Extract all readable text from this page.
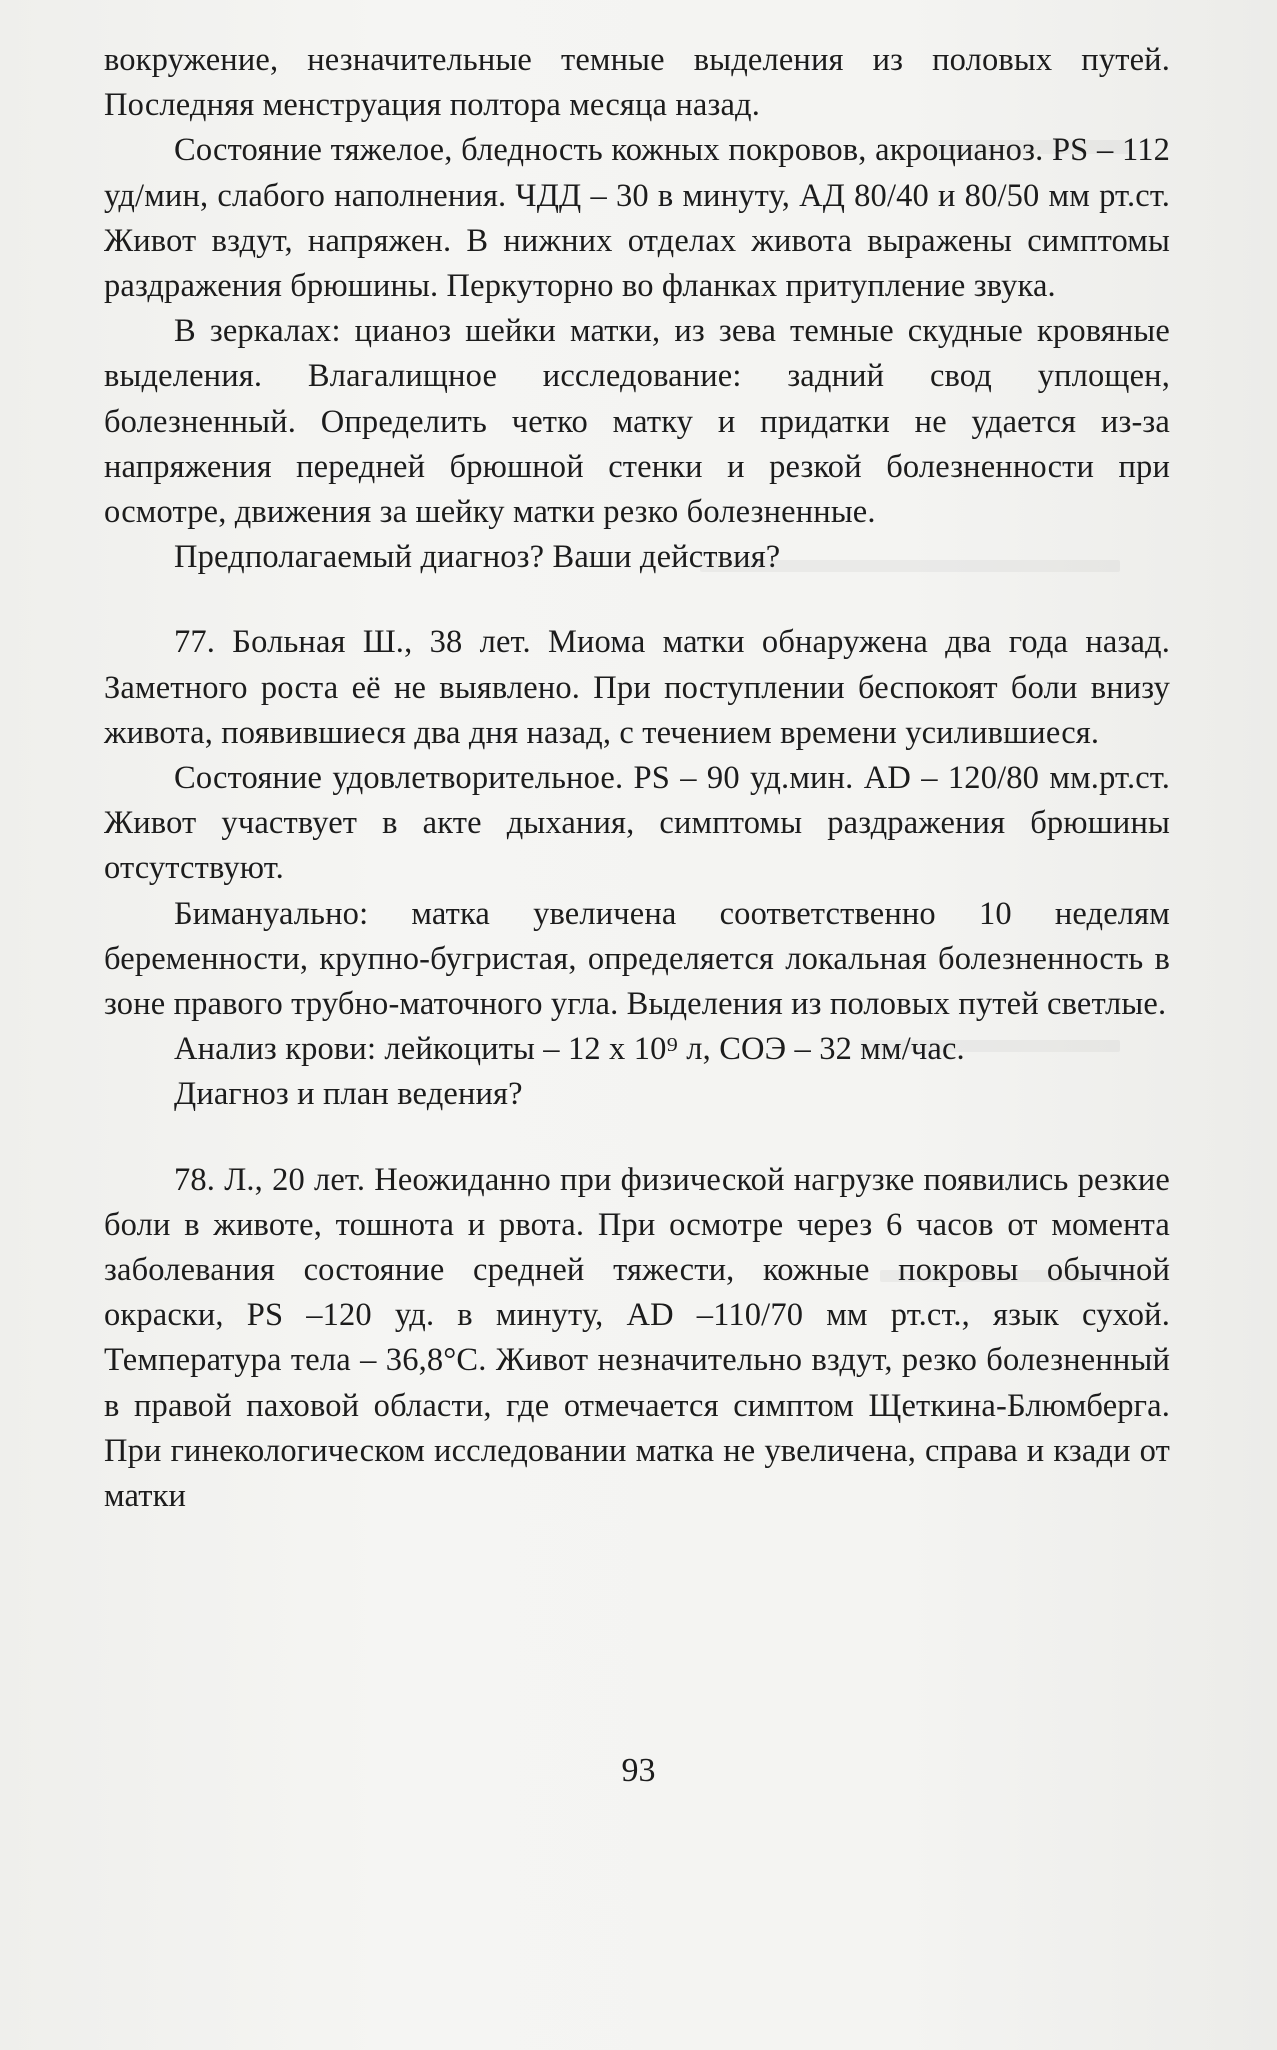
вокружение, незначительные темные выделения из половых путей. Последняя менструация полтора месяца назад.

Состояние тяжелое, бледность кожных покровов, акроцианоз. PS – 112 уд/мин, слабого наполнения. ЧДД – 30 в минуту, АД 80/40 и 80/50 мм рт.ст. Живот вздут, напряжен. В нижних отделах живота выражены симптомы раздражения брюшины. Перкуторно во фланках притупление звука.

В зеркалах: цианоз шейки матки, из зева темные скудные кровяные выделения. Влагалищное исследование: задний свод уплощен, болезненный. Определить четко матку и придатки не удается из-за напряжения передней брюшной стенки и резкой болезненности при осмотре, движения за шейку матки резко болезненные.

Предполагаемый диагноз? Ваши действия?

77. Больная Ш., 38 лет. Миома матки обнаружена два года назад. Заметного роста её не выявлено. При поступлении беспокоят боли внизу живота, появившиеся два дня назад, с течением времени усилившиеся.

Состояние удовлетворительное. PS – 90 уд.мин. AD – 120/80 мм.рт.ст. Живот участвует в акте дыхания, симптомы раздражения брюшины отсутствуют.

Бимануально: матка увеличена соответственно 10 неделям беременности, крупно-бугристая, определяется локальная болезненность в зоне правого трубно-маточного угла. Выделения из половых путей светлые.

Анализ крови: лейкоциты – 12 х 10⁹ л, СОЭ – 32 мм/час.

Диагноз и план ведения?

78. Л., 20 лет. Неожиданно при физической нагрузке появились резкие боли в животе, тошнота и рвота. При осмотре через 6 часов от момента заболевания состояние средней тяжести, кожные покровы обычной окраски, PS –120 уд. в минуту, AD –110/70 мм рт.ст., язык сухой. Температура тела – 36,8°C. Живот незначительно вздут, резко болезненный в правой паховой области, где отмечается симптом Щеткина-Блюмберга. При гинекологическом исследовании матка не увеличена, справа и кзади от матки

93
